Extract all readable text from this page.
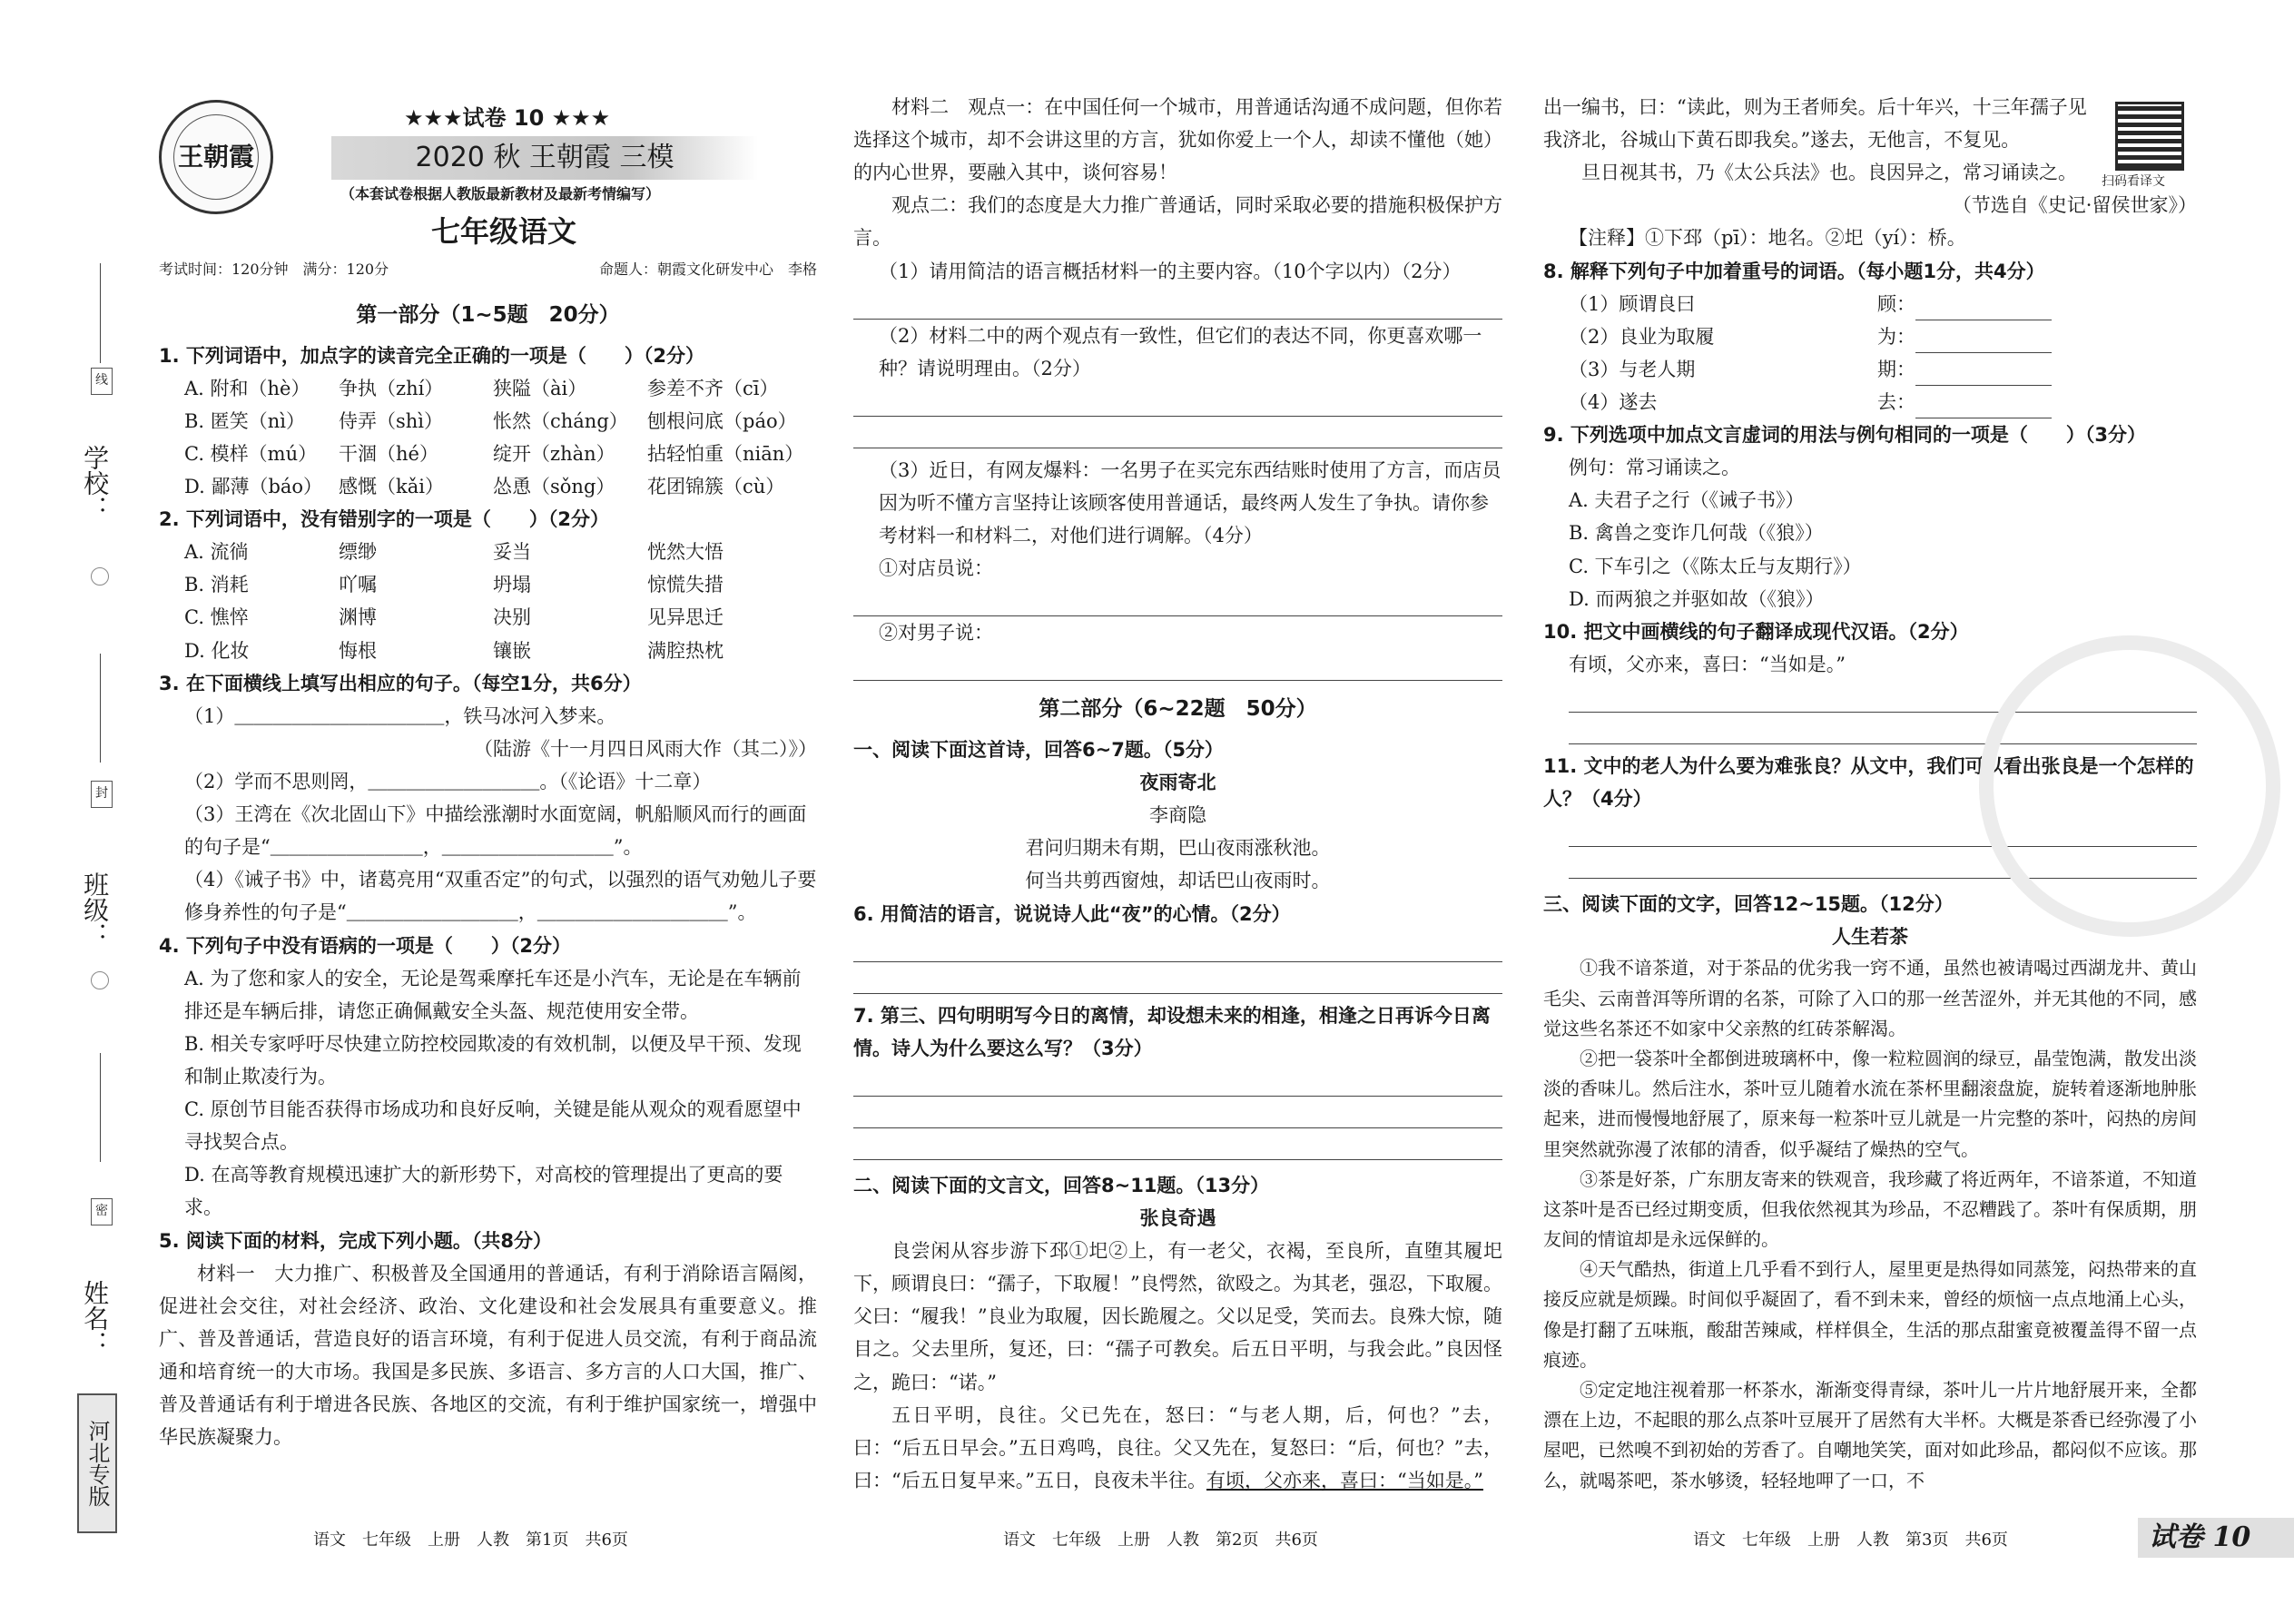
线
学校：
封
班级：
密
姓名：
河北专版
王朝霞
★★★试卷 10 ★★★
2020 秋 王朝霞 三模
（本套试卷根据人教版最新教材及最新考情编写）
七年级语文
考试时间：120分钟　满分：120分	命题人：朝霞文化研发中心　李格
第一部分（1~5题　20分）

1. 下列词语中，加点字的读音完全正确的一项是（　　）（2分）

A. 附和（hè）	争执（zhí）	狭隘（ài）	参差不齐（cī）
B. 匿笑（nì）	侍弄（shì）	怅然（cháng）	刨根问底（páo）
C. 模样（mú）	干涸（hé）	绽开（zhàn）	拈轻怕重（niān）
D. 鄙薄（báo） 感慨（kǎi）	怂恿（sǒng）	花团锦簇（cù）

2. 下列词语中，没有错别字的一项是（　　）（2分）

A. 流徜	缥缈	妥当	恍然大悟
B. 消耗	吖嘱	坍塌	惊慌失措
C. 憔悴	渊博	决别	见异思迁
D. 化妆	悔根	镶嵌	满腔热枕

3. 在下面横线上填写出相应的句子。（每空1分，共6分）

（1）＿＿＿＿＿＿＿＿＿＿＿，铁马冰河入梦来。

（陆游《十一月四日风雨大作（其二）》）

（2）学而不思则罔，＿＿＿＿＿＿＿＿＿。（《论语》十二章）

（3）王湾在《次北固山下》中描绘涨潮时水面宽阔，帆船顺风而行的画面的句子是“＿＿＿＿＿＿＿＿，＿＿＿＿＿＿＿＿＿”。

（4）《诫子书》中，诸葛亮用“双重否定”的句式，以强烈的语气劝勉儿子要修身养性的句子是“＿＿＿＿＿＿＿＿＿，＿＿＿＿＿＿＿＿＿＿”。

4. 下列句子中没有语病的一项是（　　）（2分）

A. 为了您和家人的安全，无论是驾乘摩托车还是小汽车，无论是在车辆前排还是车辆后排，请您正确佩戴安全头盔、规范使用安全带。

B. 相关专家呼吁尽快建立防控校园欺凌的有效机制，以便及早干预、发现和制止欺凌行为。

C. 原创节目能否获得市场成功和良好反响，关键是能从观众的观看愿望中寻找契合点。

D. 在高等教育规模迅速扩大的新形势下，对高校的管理提出了更高的要求。

5. 阅读下面的材料，完成下列小题。（共8分）

材料一　大力推广、积极普及全国通用的普通话，有利于消除语言隔阂，促进社会交往，对社会经济、政治、文化建设和社会发展具有重要意义。推广、普及普通话，营造良好的语言环境，有利于促进人员交流，有利于商品流通和培育统一的大市场。我国是多民族、多语言、多方言的人口大国，推广、普及普通话有利于增进各民族、各地区的交流，有利于维护国家统一，增强中华民族凝聚力。

材料二　观点一：在中国任何一个城市，用普通话沟通不成问题，但你若选择这个城市，却不会讲这里的方言，犹如你爱上一个人，却读不懂他（她）的内心世界，要融入其中，谈何容易！

观点二：我们的态度是大力推广普通话，同时采取必要的措施积极保护方言。

（1）请用简洁的语言概括材料一的主要内容。（10个字以内）（2分）

（2）材料二中的两个观点有一致性，但它们的表达不同，你更喜欢哪一种？请说明理由。（2分）

（3）近日，有网友爆料：一名男子在买完东西结账时使用了方言，而店员因为听不懂方言坚持让该顾客使用普通话，最终两人发生了争执。请你参考材料一和材料二，对他们进行调解。（4分）

①对店员说：

②对男子说：

第二部分（6~22题　50分）

一、阅读下面这首诗，回答6~7题。（5分）

夜雨寄北

李商隐

君问归期未有期，巴山夜雨涨秋池。

何当共剪西窗烛，却话巴山夜雨时。

6. 用简洁的语言，说说诗人此“夜”的心情。（2分）

7. 第三、四句明明写今日的离情，却设想未来的相逢，相逢之日再诉今日离情。诗人为什么要这么写？（3分）

二、阅读下面的文言文，回答8~11题。（13分）

张良奇遇

良尝闲从容步游下邳①圯②上，有一老父，衣褐，至良所，直堕其履圯下，顾谓良曰：“孺子，下取履！”良愕然，欲殴之。为其老，强忍，下取履。父曰：“履我！”良业为取履，因长跪履之。父以足受，笑而去。良殊大惊，随目之。父去里所，复还，曰：“孺子可教矣。后五日平明，与我会此。”良因怪之，跪曰：“诺。”

五日平明，良往。父已先在，怒曰：“与老人期，后，何也？”去，曰：“后五日早会。”五日鸡鸣，良往。父又先在，复怒曰：“后，何也？”去，曰：“后五日复早来。”五日，良夜未半往。有顷，父亦来，喜曰：“当如是。”

出一编书，曰：“读此，则为王者师矣。后十年兴，十三年孺子见我济北，谷城山下黄石即我矣。”遂去，无他言，不复见。

旦日视其书，乃《太公兵法》也。良因异之，常习诵读之。

（节选自《史记·留侯世家》）

【注释】①下邳（pī）：地名。②圯（yí）：桥。

8. 解释下列句子中加着重号的词语。（每小题1分，共4分）

（1）顾谓良曰	顾：

（2）良业为取履	为：

（3）与老人期	期：

（4）遂去	去：

9. 下列选项中加点文言虚词的用法与例句相同的一项是（　　）（3分）

例句：常习诵读之。

A. 夫君子之行（《诫子书》）

B. 禽兽之变诈几何哉（《狼》）

C. 下车引之（《陈太丘与友期行》）

D. 而两狼之并驱如故（《狼》）

10. 把文中画横线的句子翻译成现代汉语。（2分）

有顷，父亦来，喜曰：“当如是。”

11. 文中的老人为什么要为难张良？从文中，我们可以看出张良是一个怎样的人？（4分）

三、阅读下面的文字，回答12~15题。（12分）

人生若茶

①我不谙茶道，对于茶品的优劣我一窍不通，虽然也被请喝过西湖龙井、黄山毛尖、云南普洱等所谓的名茶，可除了入口的那一丝苦涩外，并无其他的不同，感觉这些名茶还不如家中父亲熬的红砖茶解渴。

②把一袋茶叶全都倒进玻璃杯中，像一粒粒圆润的绿豆，晶莹饱满，散发出淡淡的香味儿。然后注水，茶叶豆儿随着水流在茶杯里翻滚盘旋，旋转着逐渐地肿胀起来，进而慢慢地舒展了，原来每一粒茶叶豆儿就是一片完整的茶叶，闷热的房间里突然就弥漫了浓郁的清香，似乎凝结了燥热的空气。

③茶是好茶，广东朋友寄来的铁观音，我珍藏了将近两年，不谙茶道，不知道这茶叶是否已经过期变质，但我依然视其为珍品，不忍糟践了。茶叶有保质期，朋友间的情谊却是永远保鲜的。

④天气酷热，街道上几乎看不到行人，屋里更是热得如同蒸笼，闷热带来的直接反应就是烦躁。时间似乎凝固了，看不到未来，曾经的烦恼一点点地涌上心头，像是打翻了五味瓶，酸甜苦辣咸，样样俱全，生活的那点甜蜜竟被覆盖得不留一点痕迹。

⑤定定地注视着那一杯茶水，渐渐变得青绿，茶叶儿一片片地舒展开来，全都漂在上边，不起眼的那么点茶叶豆展开了居然有大半杯。大概是茶香已经弥漫了小屋吧，已然嗅不到初始的芳香了。自嘲地笑笑，面对如此珍品，都闷似不应该。那么，就喝茶吧，茶水够烫，轻轻地呷了一口，不

扫码看译文
语文　七年级　上册　人教　第1页　共6页	语文　七年级　上册　人教　第2页　共6页	语文　七年级　上册　人教　第3页　共6页	试卷 10
